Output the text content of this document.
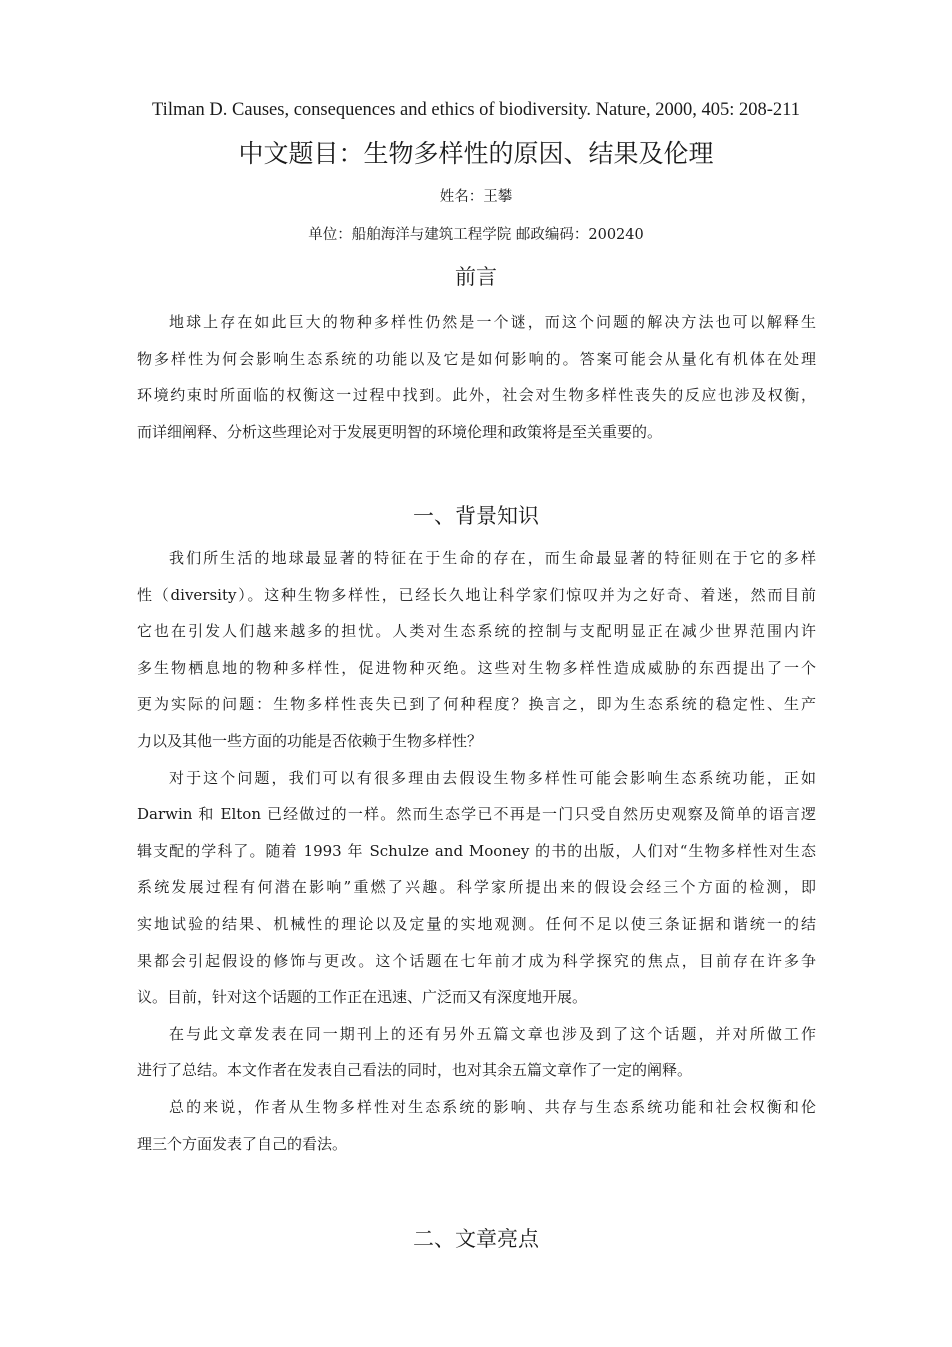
Tilman D. Causes, consequences and ethics of biodiversity. Nature, 2000, 405: 208-211
中文题目：生物多样性的原因、结果及伦理
姓名：王攀
单位：船舶海洋与建筑工程学院 邮政编码：200240
前言
地球上存在如此巨大的物种多样性仍然是一个谜，而这个问题的解决方法也可以解释生
物多样性为何会影响生态系统的功能以及它是如何影响的。答案可能会从量化有机体在处理
环境约束时所面临的权衡这一过程中找到。此外，社会对生物多样性丧失的反应也涉及权衡，
而详细阐释、分析这些理论对于发展更明智的环境伦理和政策将是至关重要的。
一、背景知识
我们所生活的地球最显著的特征在于生命的存在，而生命最显著的特征则在于它的多样
性（diversity）。这种生物多样性，已经长久地让科学家们惊叹并为之好奇、着迷，然而目前
它也在引发人们越来越多的担忧。人类对生态系统的控制与支配明显正在减少世界范围内许
多生物栖息地的物种多样性，促进物种灭绝。这些对生物多样性造成威胁的东西提出了一个
更为实际的问题：生物多样性丧失已到了何种程度？换言之，即为生态系统的稳定性、生产
力以及其他一些方面的功能是否依赖于生物多样性？
对于这个问题，我们可以有很多理由去假设生物多样性可能会影响生态系统功能，正如
Darwin 和 Elton 已经做过的一样。然而生态学已不再是一门只受自然历史观察及简单的语言逻
辑支配的学科了。随着 1993 年 Schulze and Mooney 的书的出版，人们对“生物多样性对生态
系统发展过程有何潜在影响”重燃了兴趣。科学家所提出来的假设会经三个方面的检测，即
实地试验的结果、机械性的理论以及定量的实地观测。任何不足以使三条证据和谐统一的结
果都会引起假设的修饰与更改。这个话题在七年前才成为科学探究的焦点，目前存在许多争
议。目前，针对这个话题的工作正在迅速、广泛而又有深度地开展。
在与此文章发表在同一期刊上的还有另外五篇文章也涉及到了这个话题，并对所做工作
进行了总结。本文作者在发表自己看法的同时，也对其余五篇文章作了一定的阐释。
总的来说，作者从生物多样性对生态系统的影响、共存与生态系统功能和社会权衡和伦
理三个方面发表了自己的看法。
二、文章亮点
